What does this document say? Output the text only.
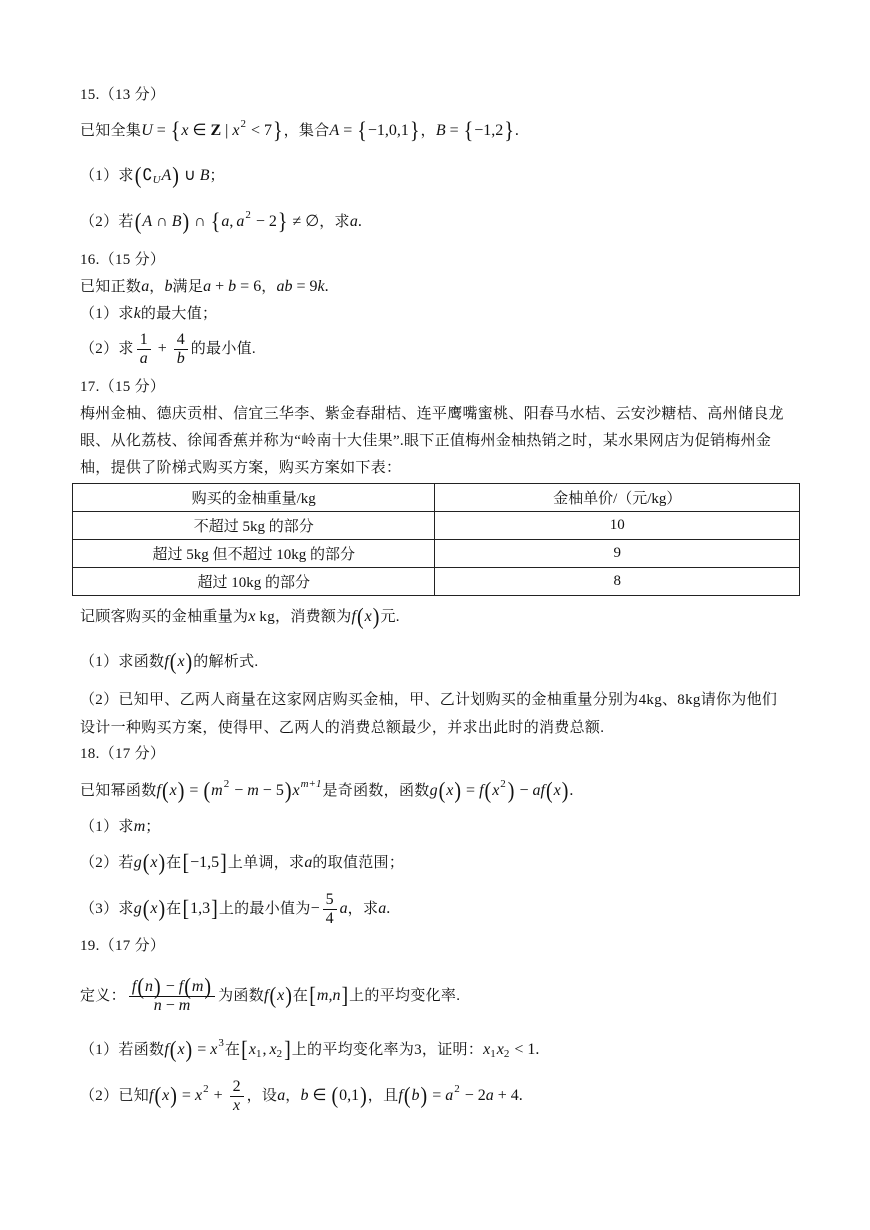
15.（13 分）
已知全集 U = { x ∈ Z | x 2 < 7 } ，集合 A = { −1,0,1 } ， B = { −1,2 } .
（1）求 ( ∁ U A ) ∪ B ；
（2）若 ( A ∩ B ) ∩ { a , a 2 − 2 } ≠ ∅ ，求 a .
16.（15 分）
已知正数 a ， b 满足 a + b = 6 ， ab = 9 k .
（1）求 k 的最大值；
（2）求 $\frac{1}{a} + \frac{4}{b}$ 的最小值.
17.（15 分）
梅州金柚、德庆贡柑、信宜三华李、紫金春甜桔、连平鹰嘴蜜桃、阳春马水桔、云安沙糖桔、高州储良龙
眼、从化荔枝、徐闻香蕉并称为“岭南十大佳果”.眼下正值梅州金柚热销之时，某水果网店为促销梅州金
柚，提供了阶梯式购买方案，购买方案如下表：
购买的金柚重量/kg	金柚单价/（元/kg）
不超过 5kg 的部分	10
超过 5kg 但不超过 10kg 的部分	9
超过 10kg 的部分	8
记顾客购买的金柚重量为 x kg，消费额为 f ( x ) 元.
（1）求函数 f ( x ) 的解析式.
（2）已知甲、乙两人商量在这家网店购买金柚，甲、乙计划购买的金柚重量分别为4kg、8kg请你为他们
设计一种购买方案，使得甲、乙两人的消费总额最少，并求出此时的消费总额.
18.（17 分）
已知幂函数 f ( x ) = ( m 2 − m − 5 ) x m+1 是奇函数，函数 g ( x ) = f ( x 2 ) − af ( x ) .
（1）求 m ；
（2）若 g ( x ) 在 [ −1,5 ] 上单调，求 a 的取值范围；
（3）求 g ( x ) 在 [ 1,3 ] 上的最小值为 − $\frac{5}{4}$ a ，求 a .
19.（17 分）
定义：
f ( n ) − f ( m )
n − m
为函数 f ( x ) 在 [ m,n ] 上的平均变化率.
（1）若函数 f ( x ) = x 3 在 [ x 1 , x 2 ] 上的平均变化率为3，证明： x 1 x 2 < 1 .
（2）已知 f ( x ) = x $2 + \frac{2}{x}$ ，设 a ， b ∈ ( 0,1 ) ，且 f ( b ) = a 2 − 2 a + 4 .
